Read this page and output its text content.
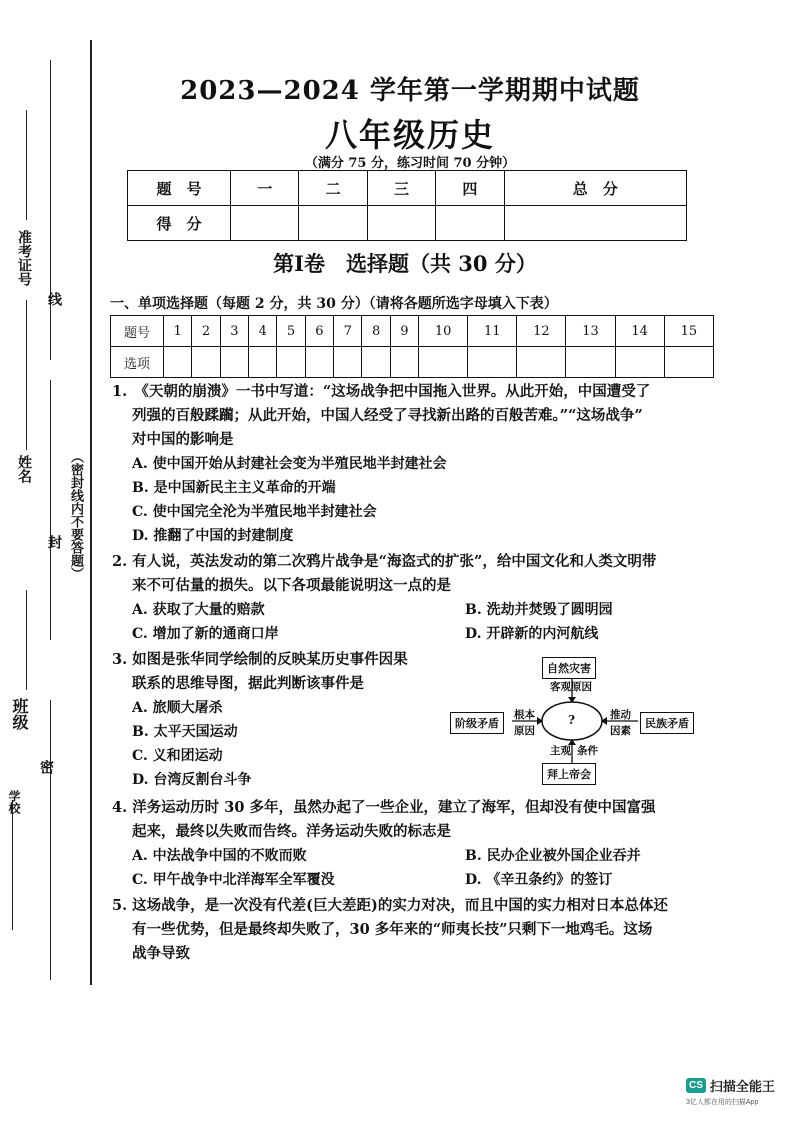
准考证号
姓名
班级
学校
线
封
密
（密封线内不要答题）
2023—2024 学年第一学期期中试题
八年级历史
（满分 75 分，练习时间 70 分钟）
题　号	一	二	三	四	总　分
得　分					
第Ⅰ卷　选择题（共 30 分）
一、单项选择题（每题 2 分，共 30 分）（请将各题所选字母填入下表）
题号	1	2	3	4	5	6	7	8	9	10	11	12	13	14	15
选项															
1.　《天朝的崩溃》一书中写道：“这场战争把中国拖入世界。从此开始，中国遭受了
列强的百般蹂躏；从此开始，中国人经受了寻找新出路的百般苦难。”“这场战争”
对中国的影响是
A. 使中国开始从封建社会变为半殖民地半封建社会
B. 是中国新民主主义革命的开端
C. 使中国完全沦为半殖民地半封建社会
D. 推翻了中国的封建制度
2. 有人说，英法发动的第二次鸦片战争是“海盗式的扩张”，给中国文化和人类文明带
来不可估量的损失。以下各项最能说明这一点的是
A. 获取了大量的赔款	B. 洗劫并焚毁了圆明园
C. 增加了新的通商口岸	D. 开辟新的内河航线
3. 如图是张华同学绘制的反映某历史事件因果
联系的思维导图，据此判断该事件是
A. 旅顺大屠杀
B. 太平天国运动
C. 义和团运动
D. 台湾反割台斗争
自然灾害
客观原因
阶级矛盾
根本
原因
?	推动
因素
民族矛盾
主观 条件
拜上帝会
4. 洋务运动历时 30 多年，虽然办起了一些企业，建立了海军，但却没有使中国富强
起来，最终以失败而告终。洋务运动失败的标志是
A. 中法战争中国的不败而败	B. 民办企业被外国企业吞并
C. 甲午战争中北洋海军全军覆没	D. 《辛丑条约》的签订
5. 这场战争，是一次没有代差(巨大差距)的实力对决，而且中国的实力相对日本总体还
有一些优势，但是最终却失败了，30 多年来的“师夷长技”只剩下一地鸡毛。这场
战争导致
CS 扫描全能王
3亿人都在用的扫描App
